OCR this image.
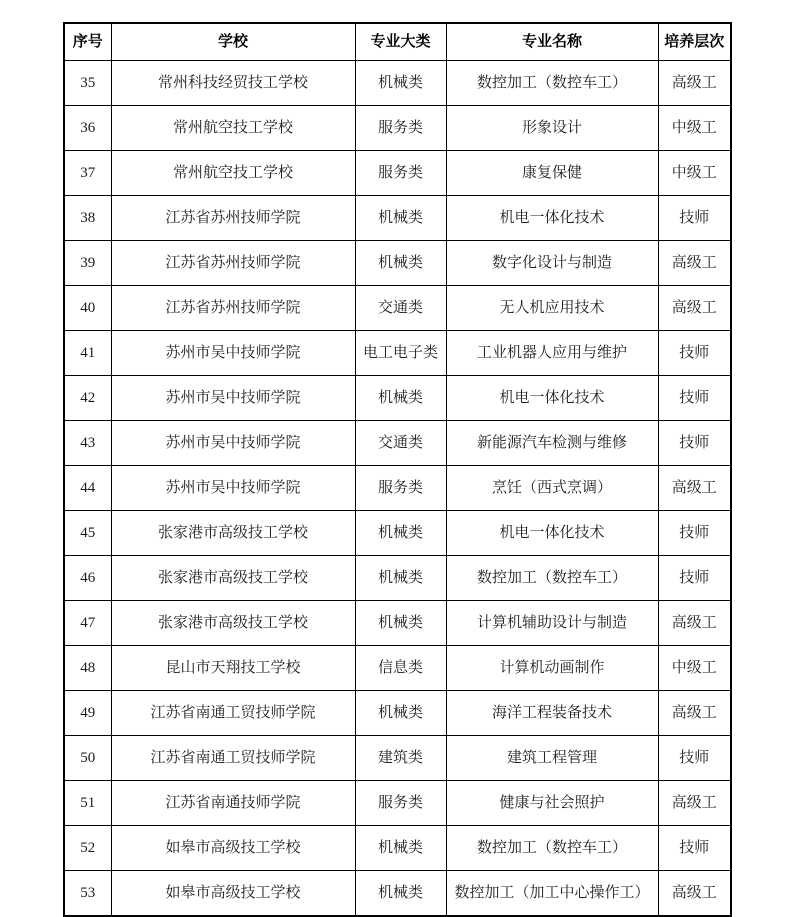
序号	学校	专业大类	专业名称	培养层次
35	常州科技经贸技工学校	机械类	数控加工（数控车工）	高级工
36	常州航空技工学校	服务类	形象设计	中级工
37	常州航空技工学校	服务类	康复保健	中级工
38	江苏省苏州技师学院	机械类	机电一体化技术	技师
39	江苏省苏州技师学院	机械类	数字化设计与制造	高级工
40	江苏省苏州技师学院	交通类	无人机应用技术	高级工
41	苏州市吴中技师学院	电工电子类	工业机器人应用与维护	技师
42	苏州市吴中技师学院	机械类	机电一体化技术	技师
43	苏州市吴中技师学院	交通类	新能源汽车检测与维修	技师
44	苏州市吴中技师学院	服务类	烹饪（西式烹调）	高级工
45	张家港市高级技工学校	机械类	机电一体化技术	技师
46	张家港市高级技工学校	机械类	数控加工（数控车工）	技师
47	张家港市高级技工学校	机械类	计算机辅助设计与制造	高级工
48	昆山市天翔技工学校	信息类	计算机动画制作	中级工
49	江苏省南通工贸技师学院	机械类	海洋工程装备技术	高级工
50	江苏省南通工贸技师学院	建筑类	建筑工程管理	技师
51	江苏省南通技师学院	服务类	健康与社会照护	高级工
52	如皋市高级技工学校	机械类	数控加工（数控车工）	技师
53	如皋市高级技工学校	机械类	数控加工（加工中心操作工）	高级工
